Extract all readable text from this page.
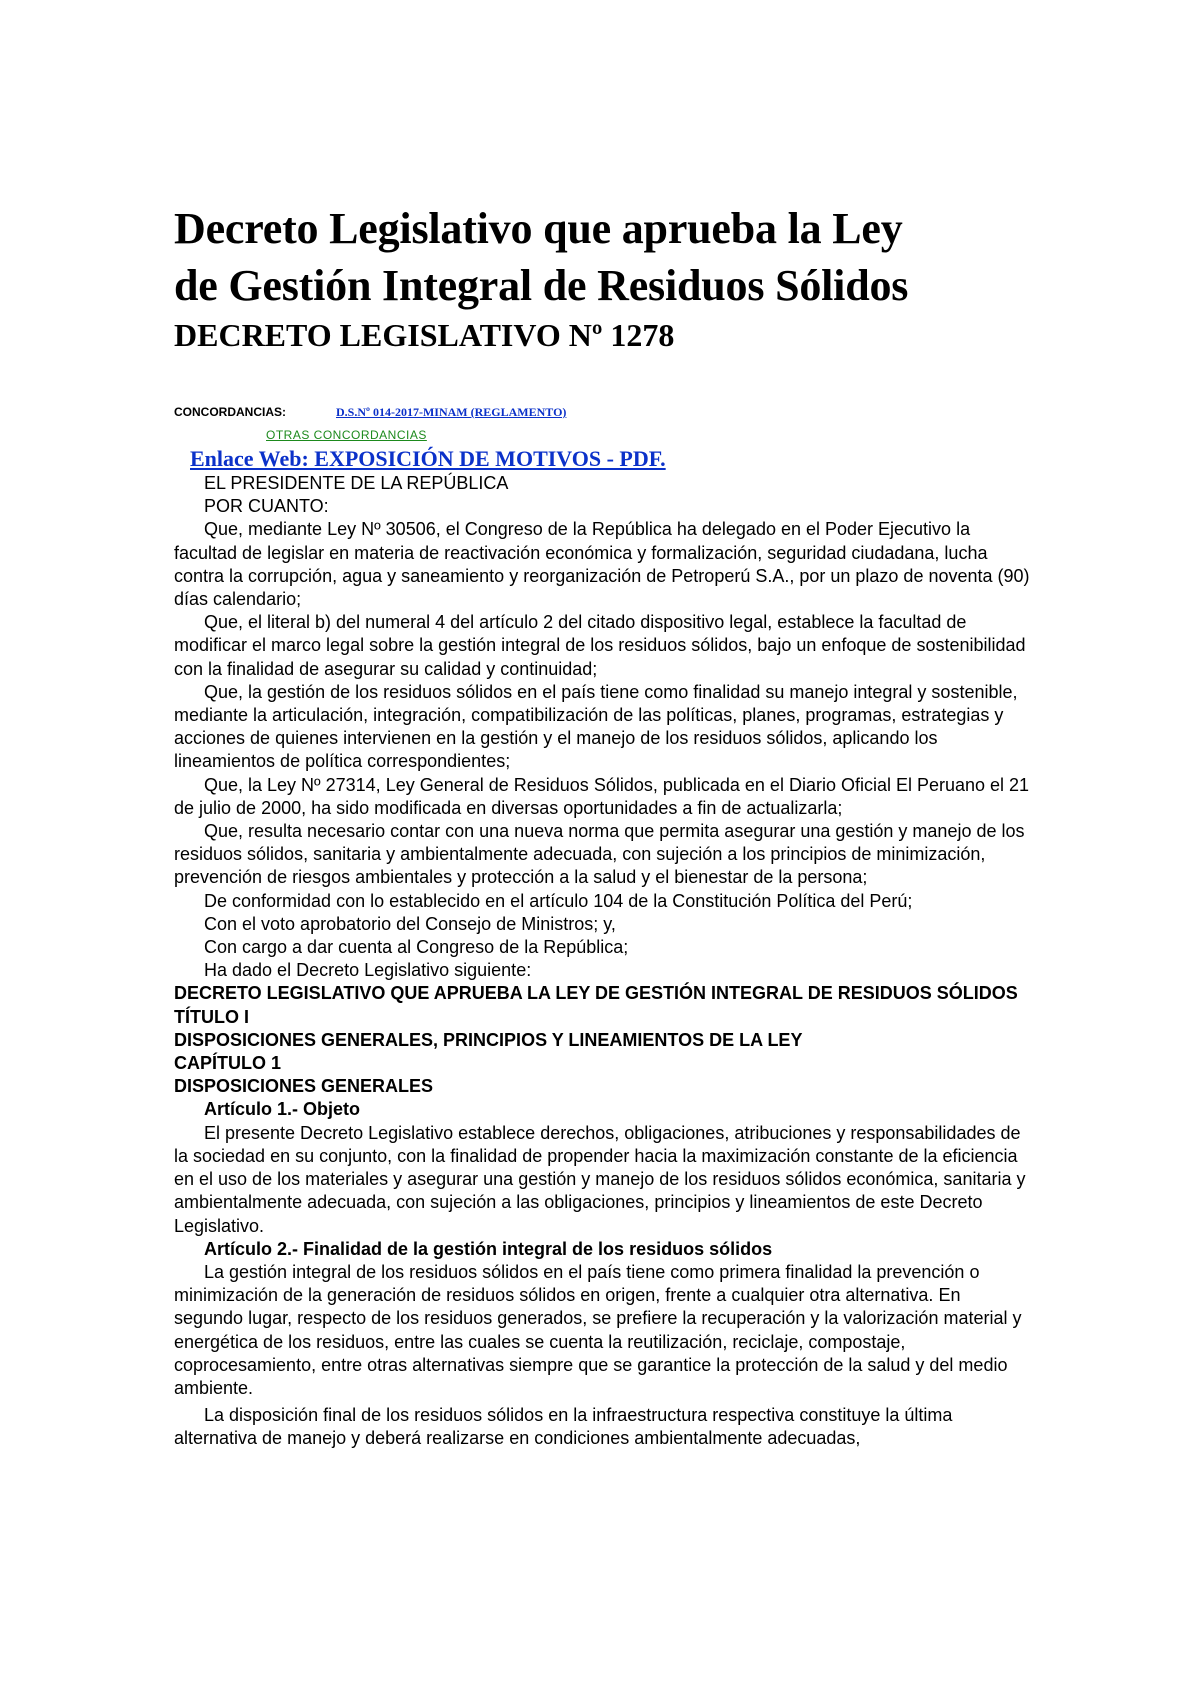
Decreto Legislativo que aprueba la Ley
de Gestión Integral de Residuos Sólidos
DECRETO LEGISLATIVO Nº 1278
CONCORDANCIAS:	D.S.Nº 014-2017-MINAM (REGLAMENTO)
OTRAS CONCORDANCIAS
Enlace Web: EXPOSICIÓN DE MOTIVOS - PDF.

EL PRESIDENTE DE LA REPÚBLICA

POR CUANTO:

Que, mediante Ley Nº 30506, el Congreso de la República ha delegado en el Poder Ejecutivo la facultad de legislar en materia de reactivación económica y formalización, seguridad ciudadana, lucha contra la corrupción, agua y saneamiento y reorganización de Petroperú S.A., por un plazo de noventa (90) días calendario;

Que, el literal b) del numeral 4 del artículo 2 del citado dispositivo legal, establece la facultad de modificar el marco legal sobre la gestión integral de los residuos sólidos, bajo un enfoque de sostenibilidad con la finalidad de asegurar su calidad y continuidad;

Que, la gestión de los residuos sólidos en el país tiene como finalidad su manejo integral y sostenible, mediante la articulación, integración, compatibilización de las políticas, planes, programas, estrategias y acciones de quienes intervienen en la gestión y el manejo de los residuos sólidos, aplicando los lineamientos de política correspondientes;

Que, la Ley Nº 27314, Ley General de Residuos Sólidos, publicada en el Diario Oficial El Peruano el 21 de julio de 2000, ha sido modificada en diversas oportunidades a fin de actualizarla;

Que, resulta necesario contar con una nueva norma que permita asegurar una gestión y manejo de los residuos sólidos, sanitaria y ambientalmente adecuada, con sujeción a los principios de minimización, prevención de riesgos ambientales y protección a la salud y el bienestar de la persona;

De conformidad con lo establecido en el artículo 104 de la Constitución Política del Perú;

Con el voto aprobatorio del Consejo de Ministros; y,

Con cargo a dar cuenta al Congreso de la República;

Ha dado el Decreto Legislativo siguiente:

DECRETO LEGISLATIVO QUE APRUEBA LA LEY DE GESTIÓN INTEGRAL DE RESIDUOS SÓLIDOS

TÍTULO I

DISPOSICIONES GENERALES, PRINCIPIOS Y LINEAMIENTOS DE LA LEY

CAPÍTULO 1

DISPOSICIONES GENERALES

Artículo 1.- Objeto

El presente Decreto Legislativo establece derechos, obligaciones, atribuciones y responsabilidades de la sociedad en su conjunto, con la finalidad de propender hacia la maximización constante de la eficiencia en el uso de los materiales y asegurar una gestión y manejo de los residuos sólidos económica, sanitaria y ambientalmente adecuada, con sujeción a las obligaciones, principios y lineamientos de este Decreto Legislativo.

Artículo 2.- Finalidad de la gestión integral de los residuos sólidos

La gestión integral de los residuos sólidos en el país tiene como primera finalidad la prevención o minimización de la generación de residuos sólidos en origen, frente a cualquier otra alternativa. En segundo lugar, respecto de los residuos generados, se prefiere la recuperación y la valorización material y energética de los residuos, entre las cuales se cuenta la reutilización, reciclaje, compostaje, coprocesamiento, entre otras alternativas siempre que se garantice la protección de la salud y del medio ambiente.

La disposición final de los residuos sólidos en la infraestructura respectiva constituye la última alternativa de manejo y deberá realizarse en condiciones ambientalmente adecuadas,
